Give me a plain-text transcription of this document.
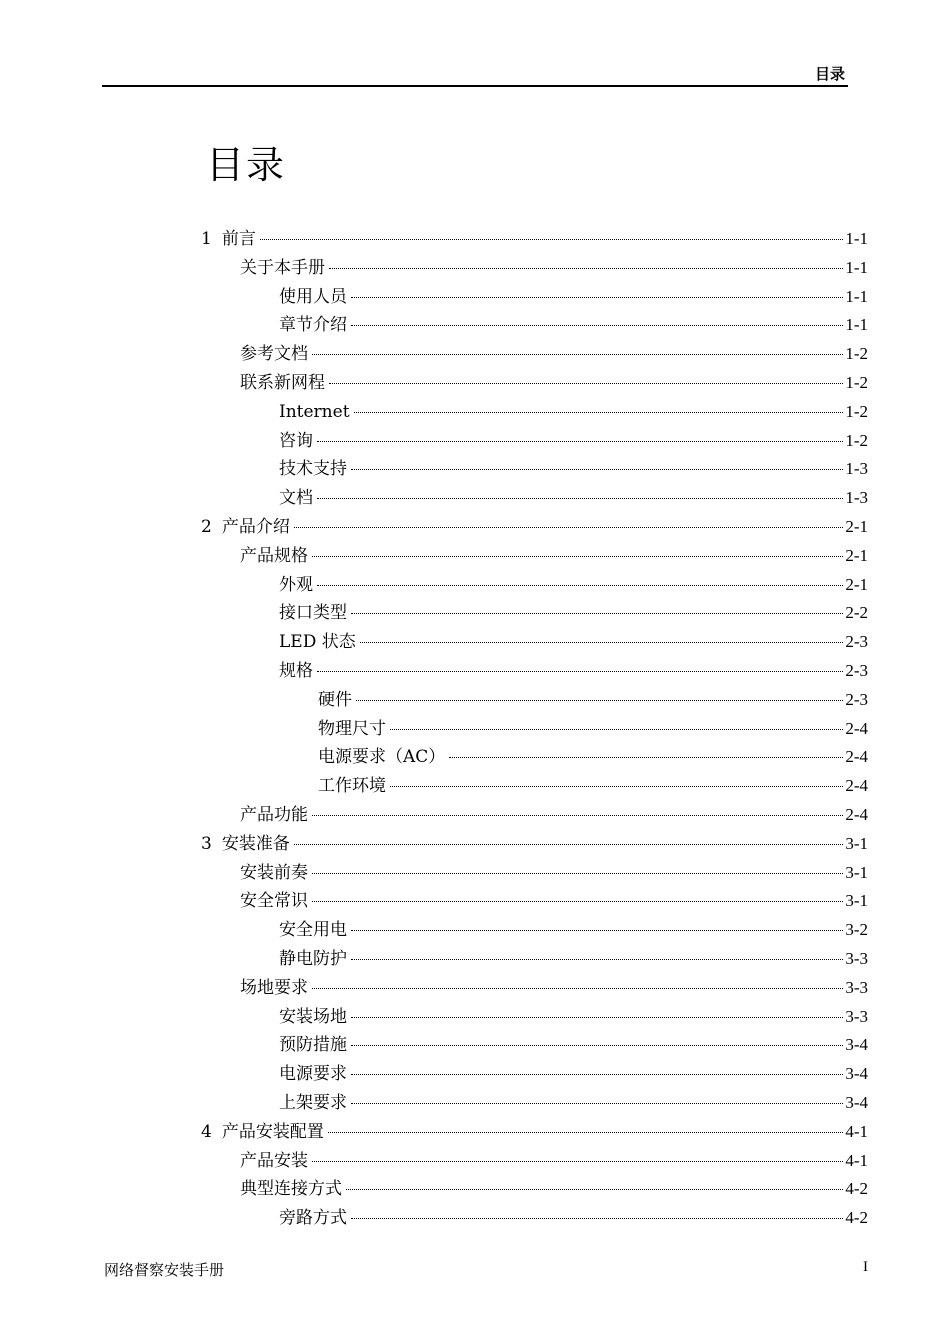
目录
目录
1 前言	1-1
关于本手册	1-1
使用人员	1-1
章节介绍	1-1
参考文档	1-2
联系新网程	1-2
Internet	1-2
咨询	1-2
技术支持	1-3
文档	1-3
2 产品介绍	2-1
产品规格	2-1
外观	2-1
接口类型	2-2
LED 状态	2-3
规格	2-3
硬件	2-3
物理尺寸	2-4
电源要求（AC）	2-4
工作环境	2-4
产品功能	2-4
3 安装准备	3-1
安装前奏	3-1
安全常识	3-1
安全用电	3-2
静电防护	3-3
场地要求	3-3
安装场地	3-3
预防措施	3-4
电源要求	3-4
上架要求	3-4
4 产品安装配置	4-1
产品安装	4-1
典型连接方式	4-2
旁路方式	4-2
网络督察安装手册	I
